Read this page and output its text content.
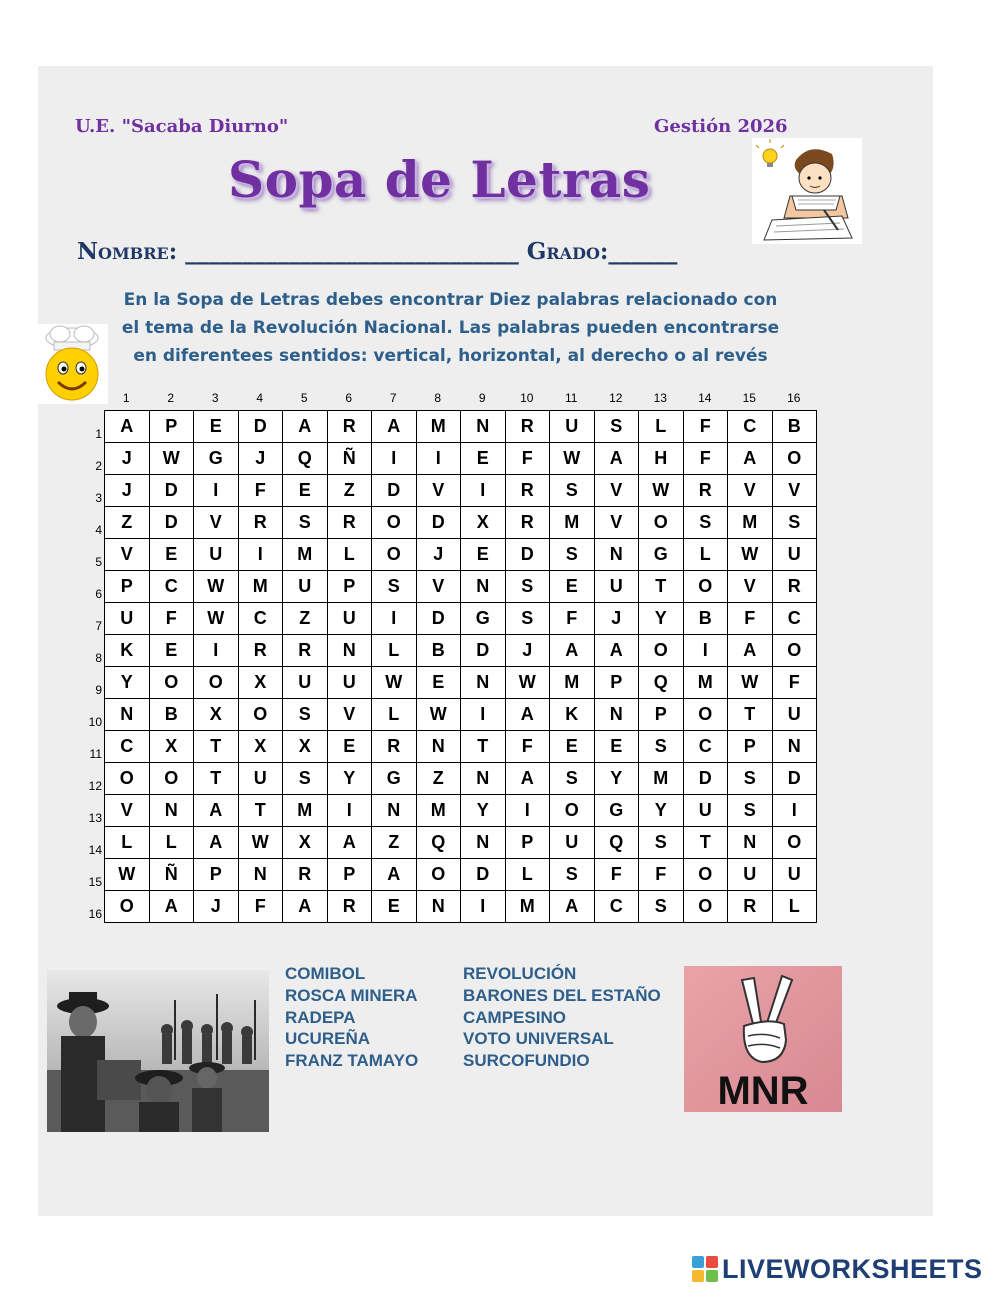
U.E. "Sacaba Diurno"	Gestión 2026
Sopa de Letras
Nombre: _____________________________ Grado:______
En la Sopa de Letras debes encontrar Diez palabras relacionado con el tema de la Revolución Nacional. Las palabras pueden encontrarse en diferentees sentidos: vertical, horizontal, al derecho o al revés
1	2	3	4	5	6	7	8	9	10	11	12	13	14	15	16
1
2
3
4
5
6
7
8
9
10
11
12
13
14
15
16
A	P	E	D	A	R	A	M	N	R	U	S	L	F	C	B
J	W	G	J	Q	Ñ	I	I	E	F	W	A	H	F	A	O
J	D	I	F	E	Z	D	V	I	R	S	V	W	R	V	V
Z	D	V	R	S	R	O	D	X	R	M	V	O	S	M	S
V	E	U	I	M	L	O	J	E	D	S	N	G	L	W	U
P	C	W	M	U	P	S	V	N	S	E	U	T	O	V	R
U	F	W	C	Z	U	I	D	G	S	F	J	Y	B	F	C
K	E	I	R	R	N	L	B	D	J	A	A	O	I	A	O
Y	O	O	X	U	U	W	E	N	W	M	P	Q	M	W	F
N	B	X	O	S	V	L	W	I	A	K	N	P	O	T	U
C	X	T	X	X	E	R	N	T	F	E	E	S	C	P	N
O	O	T	U	S	Y	G	Z	N	A	S	Y	M	D	S	D
V	N	A	T	M	I	N	M	Y	I	O	G	Y	U	S	I
L	L	A	W	X	A	Z	Q	N	P	U	Q	S	T	N	O
W	Ñ	P	N	R	P	A	O	D	L	S	F	F	O	U	U
O	A	J	F	A	R	E	N	I	M	A	C	S	O	R	L
COMIBOL
ROSCA MINERA
RADEPA
UCUREÑA
FRANZ TAMAYO
REVOLUCIÓN
BARONES DEL ESTAÑO
CAMPESINO
VOTO UNIVERSAL
SURCOFUNDIO
MNR
LIVEWORKSHEETS
